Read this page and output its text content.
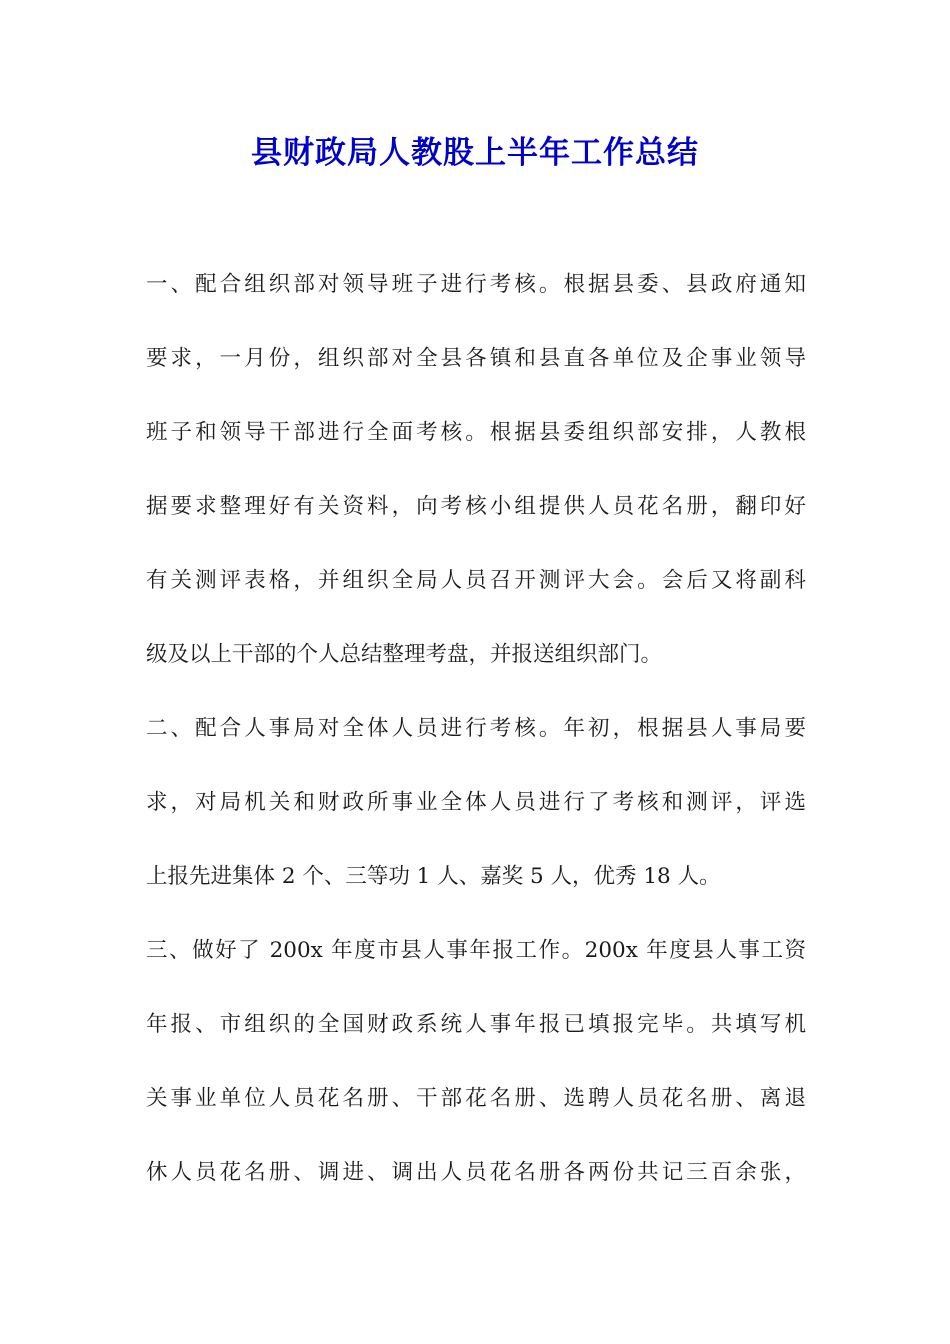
县财政局人教股上半年工作总结
一、配合组织部对领导班子进行考核。根据县委、县政府通知
要求，一月份，组织部对全县各镇和县直各单位及企事业领导
班子和领导干部进行全面考核。根据县委组织部安排，人教根
据要求整理好有关资料，向考核小组提供人员花名册，翻印好
有关测评表格，并组织全局人员召开测评大会。会后又将副科
级及以上干部的个人总结整理考盘，并报送组织部门。
二、配合人事局对全体人员进行考核。年初，根据县人事局要
求，对局机关和财政所事业全体人员进行了考核和测评，评选
上报先进集体 2 个、三等功 1 人、嘉奖 5 人，优秀 18 人。
三、做好了 200x 年度市县人事年报工作。200x 年度县人事工资
年报、市组织的全国财政系统人事年报已填报完毕。共填写机
关事业单位人员花名册、干部花名册、选聘人员花名册、离退
休人员花名册、调进、调出人员花名册各两份共记三百余张，
